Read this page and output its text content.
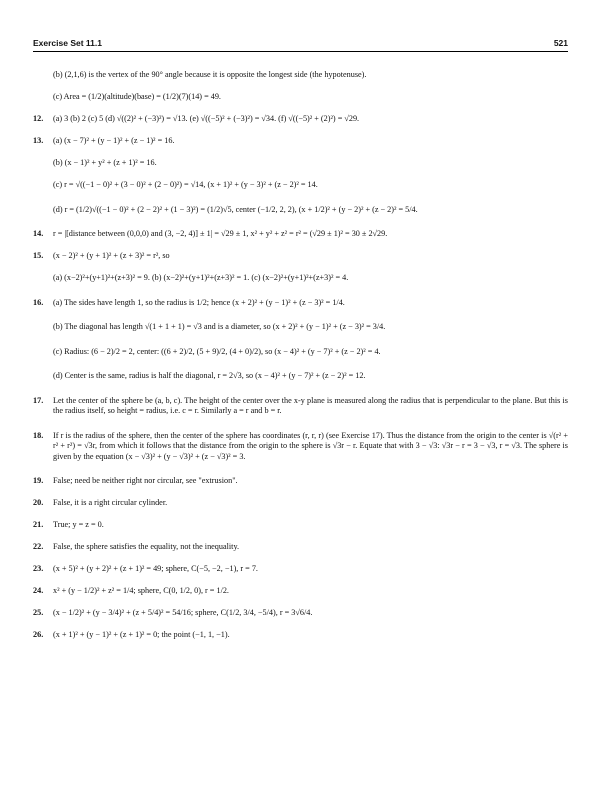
Exercise Set 11.1	521
(b) (2,1,6) is the vertex of the 90° angle because it is opposite the longest side (the hypotenuse).
(c) Area = (1/2)(altitude)(base) = (1/2)(7)(14) = 49.
12.	(a) 3 (b) 2 (c) 5 (d) √((2)² + (−3)²) = √13. (e) √((−5)² + (−3)²) = √34. (f) √((−5)² + (2)²) = √29.
13.	(a) (x − 7)² + (y − 1)² + (z − 1)² = 16.
(b) (x − 1)² + y² + (z + 1)² = 16.
(c) r = √((−1 − 0)² + (3 − 0)² + (2 − 0)²) = √14, (x + 1)² + (y − 3)² + (z − 2)² = 14.
(d) r = (1/2)√((−1 − 0)² + (2 − 2)² + (1 − 3)²) = (1/2)√5, center (−1/2, 2, 2), (x + 1/2)² + (y − 2)² + (z − 2)² = 5/4.
14.	r = |[distance between (0,0,0) and (3, −2, 4)] ± 1| = √29 ± 1, x² + y² + z² = r² = (√29 ± 1)² = 30 ± 2√29.
15.	(x − 2)² + (y + 1)² + (z + 3)² = r², so
(a) (x−2)²+(y+1)²+(z+3)² = 9. (b) (x−2)²+(y+1)²+(z+3)² = 1. (c) (x−2)²+(y+1)²+(z+3)² = 4.
16.	(a) The sides have length 1, so the radius is 1/2; hence (x + 2)² + (y − 1)² + (z − 3)² = 1/4.
(b) The diagonal has length √(1 + 1 + 1) = √3 and is a diameter, so (x + 2)² + (y − 1)² + (z − 3)² = 3/4.
(c) Radius: (6 − 2)/2 = 2, center: ((6 + 2)/2, (5 + 9)/2, (4 + 0)/2), so (x − 4)² + (y − 7)² + (z − 2)² = 4.
(d) Center is the same, radius is half the diagonal, r = 2√3, so (x − 4)² + (y − 7)² + (z − 2)² = 12.
17.	Let the center of the sphere be (a, b, c). The height of the center over the x-y plane is measured along the radius that is perpendicular to the plane. But this is the radius itself, so height = radius, i.e. c = r. Similarly a = r and b = r.
18.	If r is the radius of the sphere, then the center of the sphere has coordinates (r, r, r) (see Exercise 17). Thus the distance from the origin to the center is √(r² + r² + r²) = √3r, from which it follows that the distance from the origin to the sphere is √3r − r. Equate that with 3 − √3: √3r − r = 3 − √3, r = √3. The sphere is given by the equation (x − √3)² + (y − √3)² + (z − √3)² = 3.
19.	False; need be neither right nor circular, see "extrusion".
20.	False, it is a right circular cylinder.
21.	True; y = z = 0.
22.	False, the sphere satisfies the equality, not the inequality.
23.	(x + 5)² + (y + 2)² + (z + 1)² = 49; sphere, C(−5, −2, −1), r = 7.
24.	x² + (y − 1/2)² + z² = 1/4; sphere, C(0, 1/2, 0), r = 1/2.
25.	(x − 1/2)² + (y − 3/4)² + (z + 5/4)² = 54/16; sphere, C(1/2, 3/4, −5/4), r = 3√6/4.
26.	(x + 1)² + (y − 1)² + (z + 1)² = 0; the point (−1, 1, −1).
